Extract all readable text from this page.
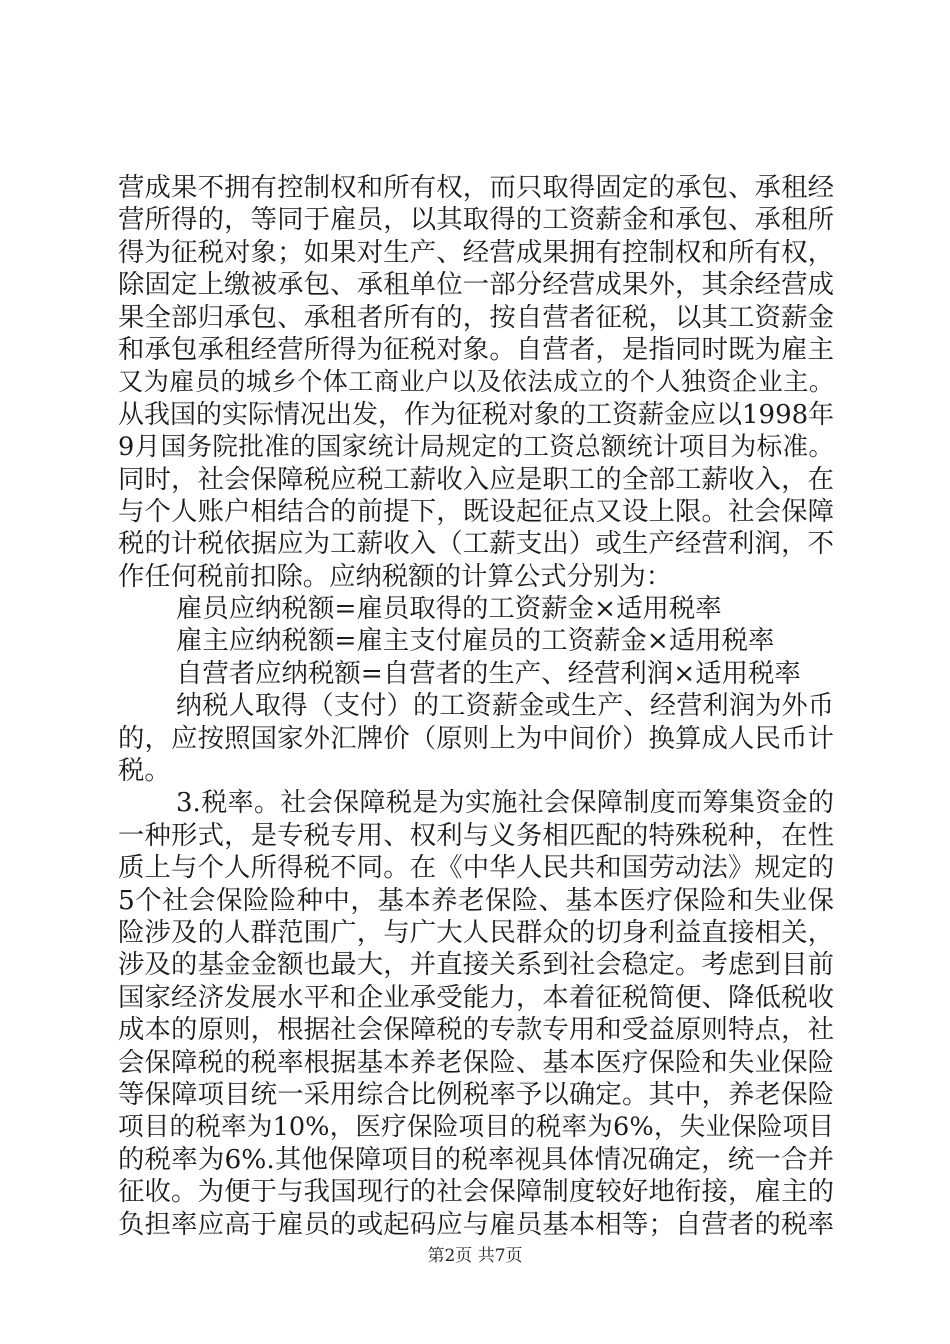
营成果不拥有控制权和所有权，而只取得固定的承包、承租经
营所得的，等同于雇员，以其取得的工资薪金和承包、承租所
得为征税对象；如果对生产、经营成果拥有控制权和所有权，
除固定上缴被承包、承租单位一部分经营成果外，其余经营成
果全部归承包、承租者所有的，按自营者征税，以其工资薪金
和承包承租经营所得为征税对象。自营者，是指同时既为雇主
又为雇员的城乡个体工商业户以及依法成立的个人独资企业主。
从我国的实际情况出发，作为征税对象的工资薪金应以1998年
9月国务院批准的国家统计局规定的工资总额统计项目为标准。
同时，社会保障税应税工薪收入应是职工的全部工薪收入，在
与个人账户相结合的前提下，既设起征点又设上限。社会保障
税的计税依据应为工薪收入（工薪支出）或生产经营利润，不
作任何税前扣除。应纳税额的计算公式分别为：
雇员应纳税额=雇员取得的工资薪金×适用税率
雇主应纳税额=雇主支付雇员的工资薪金×适用税率
自营者应纳税额=自营者的生产、经营利润×适用税率
纳税人取得（支付）的工资薪金或生产、经营利润为外币
的，应按照国家外汇牌价（原则上为中间价）换算成人民币计
税。
3.税率。社会保障税是为实施社会保障制度而筹集资金的
一种形式，是专税专用、权利与义务相匹配的特殊税种，在性
质上与个人所得税不同。在《中华人民共和国劳动法》规定的
5个社会保险险种中，基本养老保险、基本医疗保险和失业保
险涉及的人群范围广，与广大人民群众的切身利益直接相关，
涉及的基金金额也最大，并直接关系到社会稳定。考虑到目前
国家经济发展水平和企业承受能力，本着征税简便、降低税收
成本的原则，根据社会保障税的专款专用和受益原则特点，社
会保障税的税率根据基本养老保险、基本医疗保险和失业保险
等保障项目统一采用综合比例税率予以确定。其中，养老保险
项目的税率为10%，医疗保险项目的税率为6%，失业保险项目
的税率为6%.其他保障项目的税率视具体情况确定，统一合并
征收。为便于与我国现行的社会保障制度较好地衔接，雇主的
负担率应高于雇员的或起码应与雇员基本相等；自营者的税率
第2页 共7页
